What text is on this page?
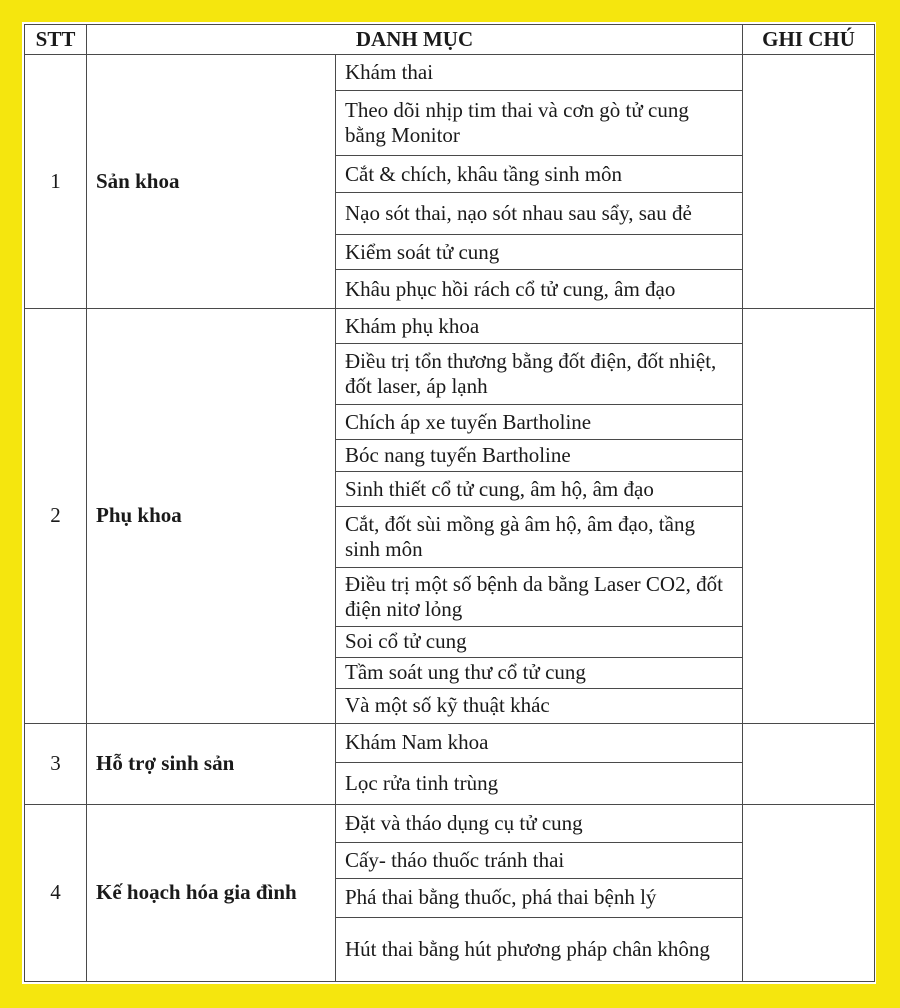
STT	DANH MỤC		GHI CHÚ
1	Sản khoa	Khám thai	
		Theo dõi nhịp tim thai và cơn gò tử cung bằng Monitor	
		Cắt & chích, khâu tầng sinh môn	
		Nạo sót thai, nạo sót nhau sau sẩy, sau đẻ	
		Kiểm soát tử cung	
		Khâu phục hồi rách cổ tử cung, âm đạo	
2	Phụ khoa	Khám phụ khoa	
		Điều trị tổn thương bằng đốt điện, đốt nhiệt, đốt laser, áp lạnh	
		Chích áp xe tuyến Bartholine	
		Bóc nang tuyến Bartholine	
		Sinh thiết cổ tử cung, âm hộ, âm đạo	
		Cắt, đốt sùi mồng gà âm hộ, âm đạo, tầng sinh môn	
		Điều trị một số bệnh da bằng Laser CO2, đốt điện nitơ lỏng	
		Soi cổ tử cung	
		Tầm soát ung thư cổ tử cung	
		Và một số kỹ thuật khác	
3	Hỗ trợ sinh sản	Khám Nam khoa	
		Lọc rửa tinh trùng	
4	Kế hoạch hóa gia đình	Đặt và tháo dụng cụ tử cung	
		Cấy- tháo thuốc tránh thai	
		Phá thai bằng thuốc, phá thai bệnh lý	
		Hút thai bằng hút phương pháp chân không	
